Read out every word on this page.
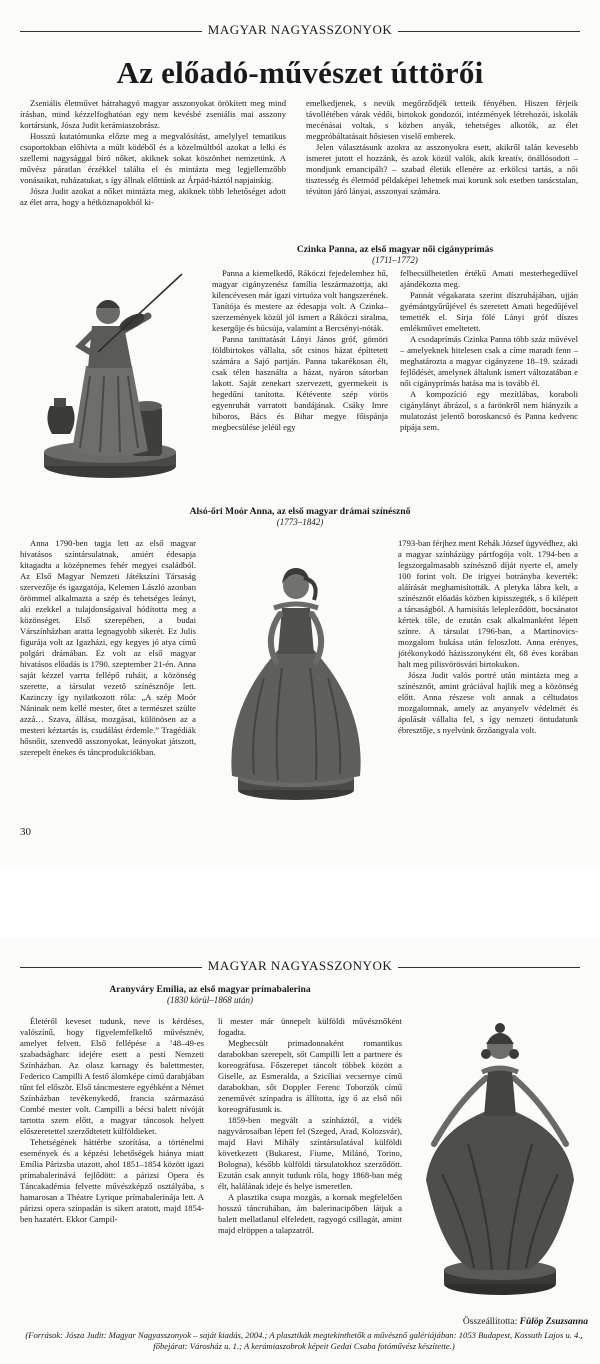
MAGYAR NAGYASSZONYOK
Az előadó-művészet úttörői

Zseniális életművet hátrahagyó magyar asszonyokat örökített meg mind írásban, mind kézzelfoghatóan egy nem kevésbé zseniális mai asszony kortársunk, Jósza Judit kerámiaszobrász.

Hosszú kutatómunka előzte meg a megvalósítást, amelylyel tematikus csoportokban előhívta a múlt ködéből és a közelmúltból azokat a lelki és szellemi nagysággal bíró nőket, akiknek sokat köszönhet nemzetünk. A művész páratlan érzékkel találta el és mintázta meg legjellemzőbb vonásaikat, ruházatukat, s így állnak előttünk az Árpád-háztól napjainkig.

Jósza Judit azokat a nőket mintázta meg, akiknek több lehetőséget adott az élet arra, hogy a hétköznapokból ki-

emelkedjenek, s nevük megőrződjék tetteik fényében. Hiszen férjeik távollétében várak védői, birtokok gondozói, intézmények létrehozói, iskolák mecénásai voltak, s közben anyák, tehetséges alkotók, az élet megpróbáltatásait hősiesen viselő emberek.

Jelen választásunk azokra az asszonyokra esett, akikről talán kevesebb ismeret jutott el hozzánk, és azok közül valók, akik kreatív, önállósodott – mondjunk emancipált? – szabad életük ellenére az erkölcsi tartás, a női tisztesség és életmód példaképei lehetnek mai korunk sok esetben tanácstalan, tévúton járó lányai, asszonyai számára.

Czinka Panna, az első magyar női cigányprímás
(1711–1772)

Panna a kiemelkedő, Rákóczi fejedelemhez hű, magyar cigányzenész família leszármazottja, aki kilencévesen már igazi virtuóza volt hangszerének. Tanítója és mestere az édesapja volt. A Czinka–szerzemények közül jól ismert a Rákóczi siralma, kesergője és búcsúja, valamint a Bercsényi-nóták.

Panna tanittatását Lányi János gróf, gömöri földbirtokos vállalta, sőt csinos házat építtetett számára a Sajó partján. Panna takarékosan élt, csak télen használta a házat, nyáron sátorban lakott. Saját zenekart szervezett, gyermekeit is hegedűni tanította. Kétévente szép vörös egyenruhát varratott bandájának. Csáky Imre bíboros, Bács és Bihar megye főispánja megbecsülése jeléül egy

felbecsülhetetlen értékű Amati mesterhegedűvel ajándékozta meg.

Pannát végakarata szerint díszruhájában, ujján gyémántgyűrűjével és szeretett Amati hegedűjével temették el. Sírja fölé Lányi gróf díszes emlékművet emeltetett.

A csodaprímás Czinka Panna több száz művével – amelyeknek hitelesen csak a címe maradt fenn – meghatározta a magyar cigányzene 18–19. századi fejlődését, amelynek általunk ismert változatában e női cigányprímás hatása ma is tovább él.

A kompozíció egy mezítlábas, koraboli cigánylányt ábrázol, s a farönkről nem hiányzik a mulatozást jelentő boroskancsó és Panna kedvenc pipája sem.

Alsó-őri Moór Anna, az első magyar drámai színésznő
(1773–1842)

Anna 1790-ben tagja lett az első magyar hivatásos színtársulatnak, amiért édesapja kitagadta a középnemes fehér megyei családból. Az Első Magyar Nemzeti Játékszíni Társaság szervezője és igazgatója, Kelemen László azonban örömmel alkalmazta a szép és tehetséges leányt, aki ezekkel a tulajdonságaival hódította meg a közönséget. Első szerepében, a budai Várszínházban aratta legnagyobb sikerét. Ez Julis figurája volt az Igazházi, egy kegyes jó atya című polgári drámában. Ez volt az első magyar hivatásos előadás is 1790. szeptember 21-én. Anna saját kézzel varrta fellépő ruháit, a közönség szerette, a társulat vezető színésznője lett. Kazinczy így nyilatkozott róla: „A szép Moór Náninak nem kellé mester, őtet a természet szülte azzá… Szava, állása, mozgásai, különösen az a mesteri kéztartás is, csudálást érdemle.” Tragédiák hősnőit, szenvedő asszonyokat, leányokat játszott, szerepelt énekes és táncprodukciókban.

1793-ban férjhez ment Rehák József ügyvédhez, aki a magyar színházügy pártfogója volt. 1794-ben a legszorgalmasabb színésznő díját nyerte el, amely 100 forint volt. De irigyei botrányba keverték: aláírását meghamisították. A pletyka lábra kelt, a színésznőt előadás közben kipisszegték, s ő kilépett a társaságból. A hamisítás lelepleződött, bocsánatot kértek tőle, de ezután csak alkalmanként lépett színre. A társulat 1796-ban, a Martinovics-mozgalom bukása után feloszlott. Anna erényes, jótékonykodó házisszonyként élt, 68 éves korában halt meg pilisvörösvári birtokukon.

Jósza Judit valós portré után mintázta meg a színésznőt, amint gráciával hajlik meg a közönség előtt. Anna részese volt annak a céltudatos mozgalomnak, amely az anyanyelv védelmét és ápolását vállalta fel, s így nemzeti öntudatunk ébresztője, s nyelvünk őrzőangyala volt.

30
MAGYAR NAGYASSZONYOK
Aranyváry Emília, az első magyar prímabalerina
(1830 körül–1868 után)

Életéről keveset tudunk, neve is kérdéses, valószínű, hogy figyelemfelkeltő művésznév, amelyet felvett. Első fellépése a ’48–49-es szabadságharc idejére esett a pesti Nemzeti Színházban. Az olasz karnagy és balettmester, Federico Campilli A festő álomképe című darabjában tűnt fel először. Első táncmestere egyébként a Német Színházban tevékenykedő, francia származású Combé mester volt. Campilli a bécsi balett nívóját tartotta szem előtt, a magyar táncosok helyett előszeretettel szerződtetett külföldieket.

Tehetségének háttérbe szorítása, a történelmi események és a képzési lehetőségek hiánya miatt Emília Párizsba utazott, ahol 1851–1854 között igazi prímabalerinává fejlődött: a párizsi Opera és Táncakadémia felvette művészképző osztályába, s hamarosan a Théatre Lyrique prímabalerinája lett. A párizsi opera színpadán is sikert aratott, majd 1854-ben hazatért. Ekkor Campil-

li mester már ünnepelt külföldi művésznőként fogadta.

Megbecsült primadonnaként romantikus darabokban szerepelt, sőt Campilli lett a partnere és koreográfusa. Főszerepet táncolt többek között a Giselle, az Esmeralda, a Szicíliai vecsernye című darabokban, sőt Doppler Ferenc Toborzók című zeneművét színpadra is állította, így ő az első női koreográfusunk is.

1859-ben megvált a színháztól, a vidék nagyvárosaiban lépett fel (Szeged, Arad, Kolozsvár), majd Havi Mihály színtársulatával külföldi következett (Bukarest, Fiume, Milánó, Torino, Bologna), később külföldi társulatokhoz szerződött. Ezután csak annyit tudunk róla, hogy 1868-ban még élt, halálának ideje és helye ismeretlen.

A plasztika csupa mozgás, a kornak megfelelően hosszú táncruhában, ám balerinacipőben látjuk a balett mellatlanul elfeledett, ragyogó csillagát, amint majd elröppen a talapzatról.

Összeállította: Fülöp Zsuzsanna
(Források: Jósza Judit: Magyar Nagyasszonyok – saját kiadás, 2004.; A plasztikák megtekinthetők a művésznő galériájában: 1053 Budapest, Kossuth Lajos u. 4., főbejárat: Városház u. 1.; A kerámiaszobrok képeit Gedai Csaba fotóművész készítette.)
